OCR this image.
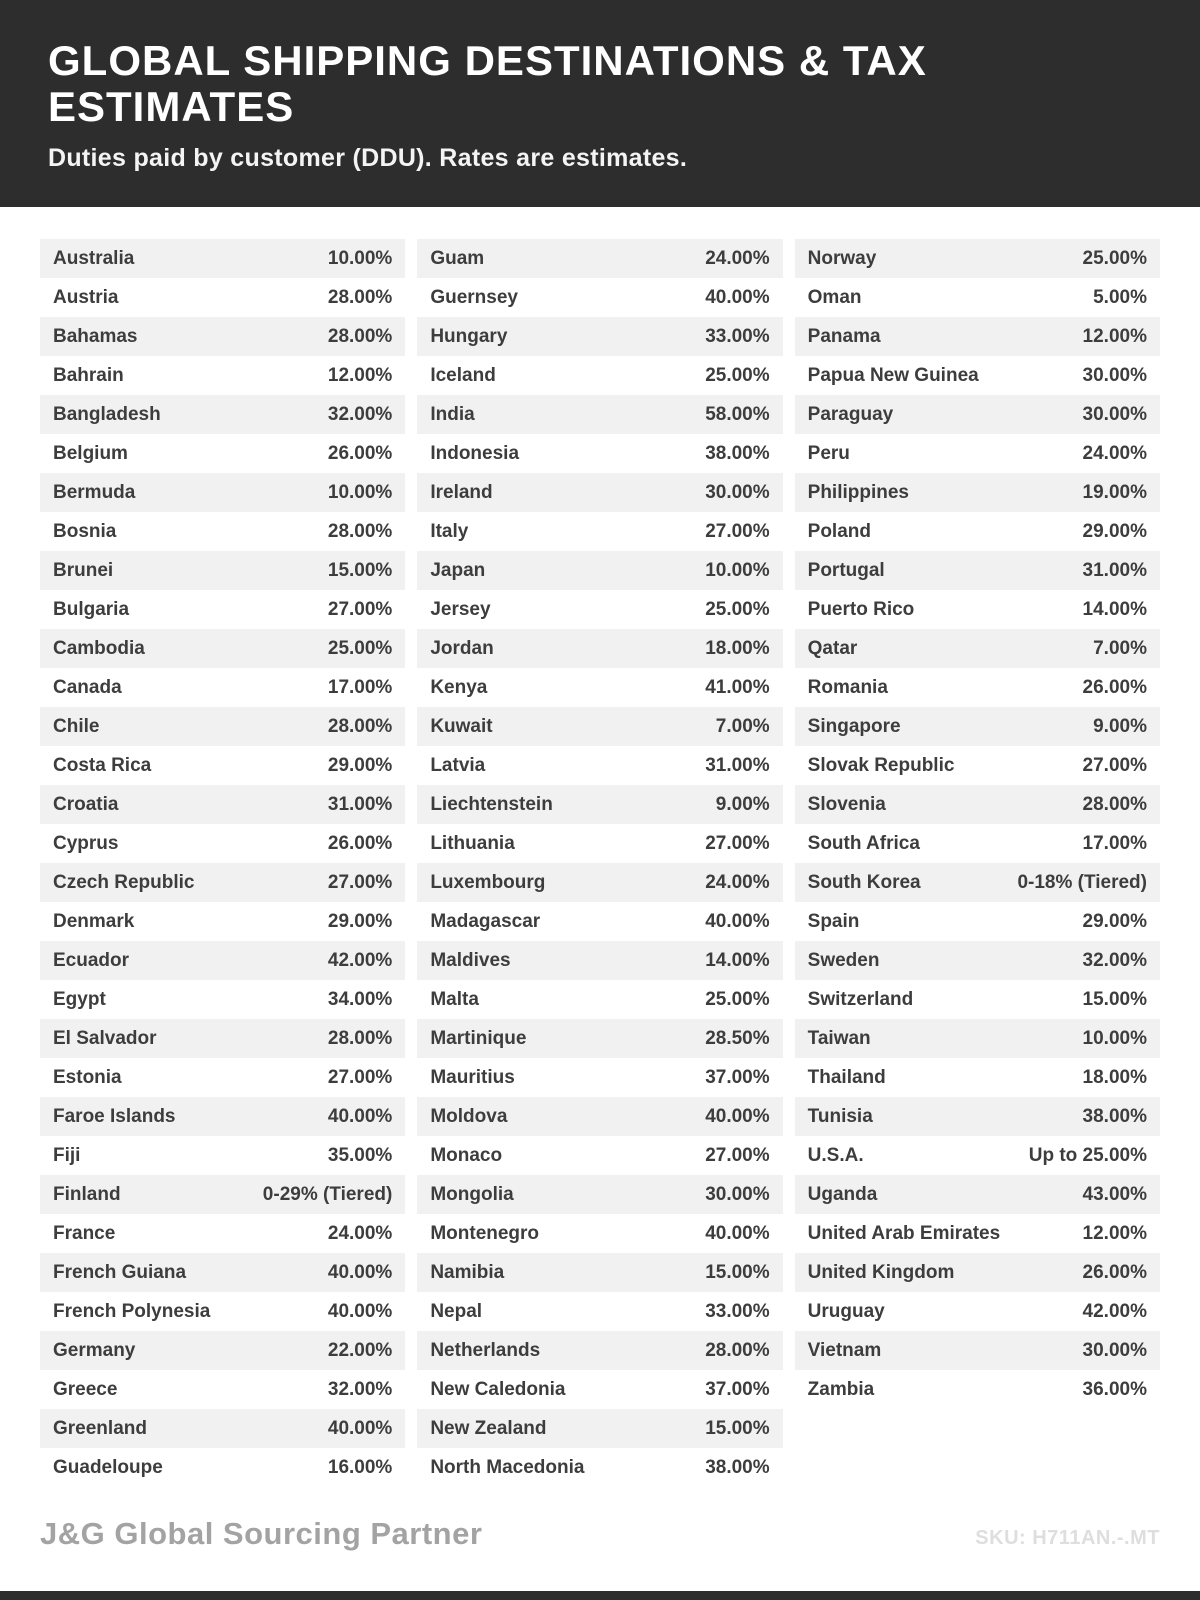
GLOBAL SHIPPING DESTINATIONS & TAX ESTIMATES
Duties paid by customer (DDU). Rates are estimates.
Australia	10.00%
Austria	28.00%
Bahamas	28.00%
Bahrain	12.00%
Bangladesh	32.00%
Belgium	26.00%
Bermuda	10.00%
Bosnia	28.00%
Brunei	15.00%
Bulgaria	27.00%
Cambodia	25.00%
Canada	17.00%
Chile	28.00%
Costa Rica	29.00%
Croatia	31.00%
Cyprus	26.00%
Czech Republic	27.00%
Denmark	29.00%
Ecuador	42.00%
Egypt	34.00%
El Salvador	28.00%
Estonia	27.00%
Faroe Islands	40.00%
Fiji	35.00%
Finland	0-29% (Tiered)
France	24.00%
French Guiana	40.00%
French Polynesia	40.00%
Germany	22.00%
Greece	32.00%
Greenland	40.00%
Guadeloupe	16.00%
Guam	24.00%
Guernsey	40.00%
Hungary	33.00%
Iceland	25.00%
India	58.00%
Indonesia	38.00%
Ireland	30.00%
Italy	27.00%
Japan	10.00%
Jersey	25.00%
Jordan	18.00%
Kenya	41.00%
Kuwait	7.00%
Latvia	31.00%
Liechtenstein	9.00%
Lithuania	27.00%
Luxembourg	24.00%
Madagascar	40.00%
Maldives	14.00%
Malta	25.00%
Martinique	28.50%
Mauritius	37.00%
Moldova	40.00%
Monaco	27.00%
Mongolia	30.00%
Montenegro	40.00%
Namibia	15.00%
Nepal	33.00%
Netherlands	28.00%
New Caledonia	37.00%
New Zealand	15.00%
North Macedonia	38.00%
Norway	25.00%
Oman	5.00%
Panama	12.00%
Papua New Guinea	30.00%
Paraguay	30.00%
Peru	24.00%
Philippines	19.00%
Poland	29.00%
Portugal	31.00%
Puerto Rico	14.00%
Qatar	7.00%
Romania	26.00%
Singapore	9.00%
Slovak Republic	27.00%
Slovenia	28.00%
South Africa	17.00%
South Korea	0-18% (Tiered)
Spain	29.00%
Sweden	32.00%
Switzerland	15.00%
Taiwan	10.00%
Thailand	18.00%
Tunisia	38.00%
U.S.A.	Up to 25.00%
Uganda	43.00%
United Arab Emirates	12.00%
United Kingdom	26.00%
Uruguay	42.00%
Vietnam	30.00%
Zambia	36.00%
J&G Global Sourcing Partner	SKU: H711AN.-.MT
